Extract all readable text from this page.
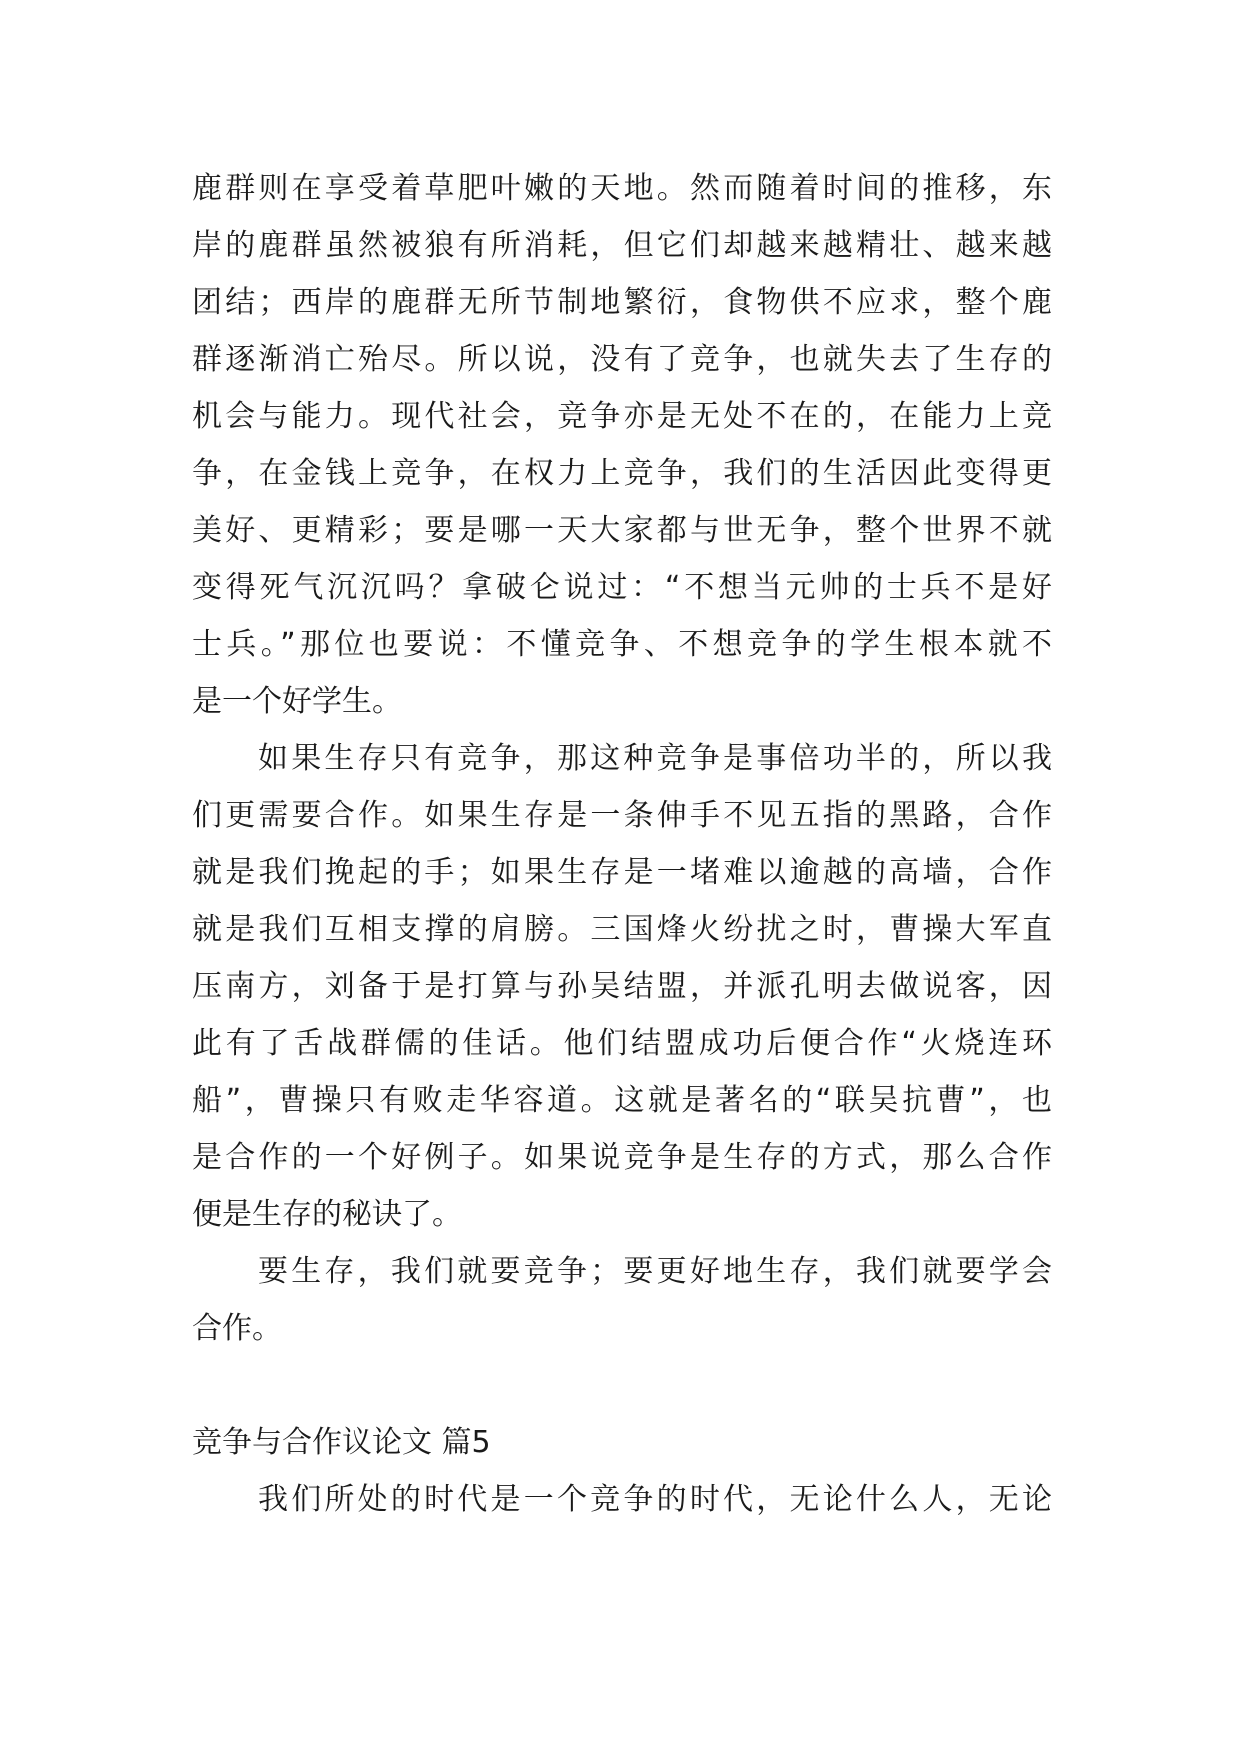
鹿群则在享受着草肥叶嫩的天地。然而随着时间的推移，东
岸的鹿群虽然被狼有所消耗，但它们却越来越精壮、越来越
团结；西岸的鹿群无所节制地繁衍，食物供不应求，整个鹿
群逐渐消亡殆尽。所以说，没有了竞争，也就失去了生存的
机会与能力。现代社会，竞争亦是无处不在的，在能力上竞
争，在金钱上竞争，在权力上竞争，我们的生活因此变得更
美好、更精彩；要是哪一天大家都与世无争，整个世界不就
变得死气沉沉吗？拿破仑说过：“不想当元帅的士兵不是好
士兵。”那位也要说：不懂竞争、不想竞争的学生根本就不
是一个好学生。
如果生存只有竞争，那这种竞争是事倍功半的，所以我
们更需要合作。如果生存是一条伸手不见五指的黑路，合作
就是我们挽起的手；如果生存是一堵难以逾越的高墙，合作
就是我们互相支撑的肩膀。三国烽火纷扰之时，曹操大军直
压南方，刘备于是打算与孙吴结盟，并派孔明去做说客，因
此有了舌战群儒的佳话。他们结盟成功后便合作“火烧连环
船”，曹操只有败走华容道。这就是著名的“联吴抗曹”，也
是合作的一个好例子。如果说竞争是生存的方式，那么合作
便是生存的秘诀了。
要生存，我们就要竞争；要更好地生存，我们就要学会
合作。
竞争与合作议论文 篇5
我们所处的时代是一个竞争的时代，无论什么人，无论
